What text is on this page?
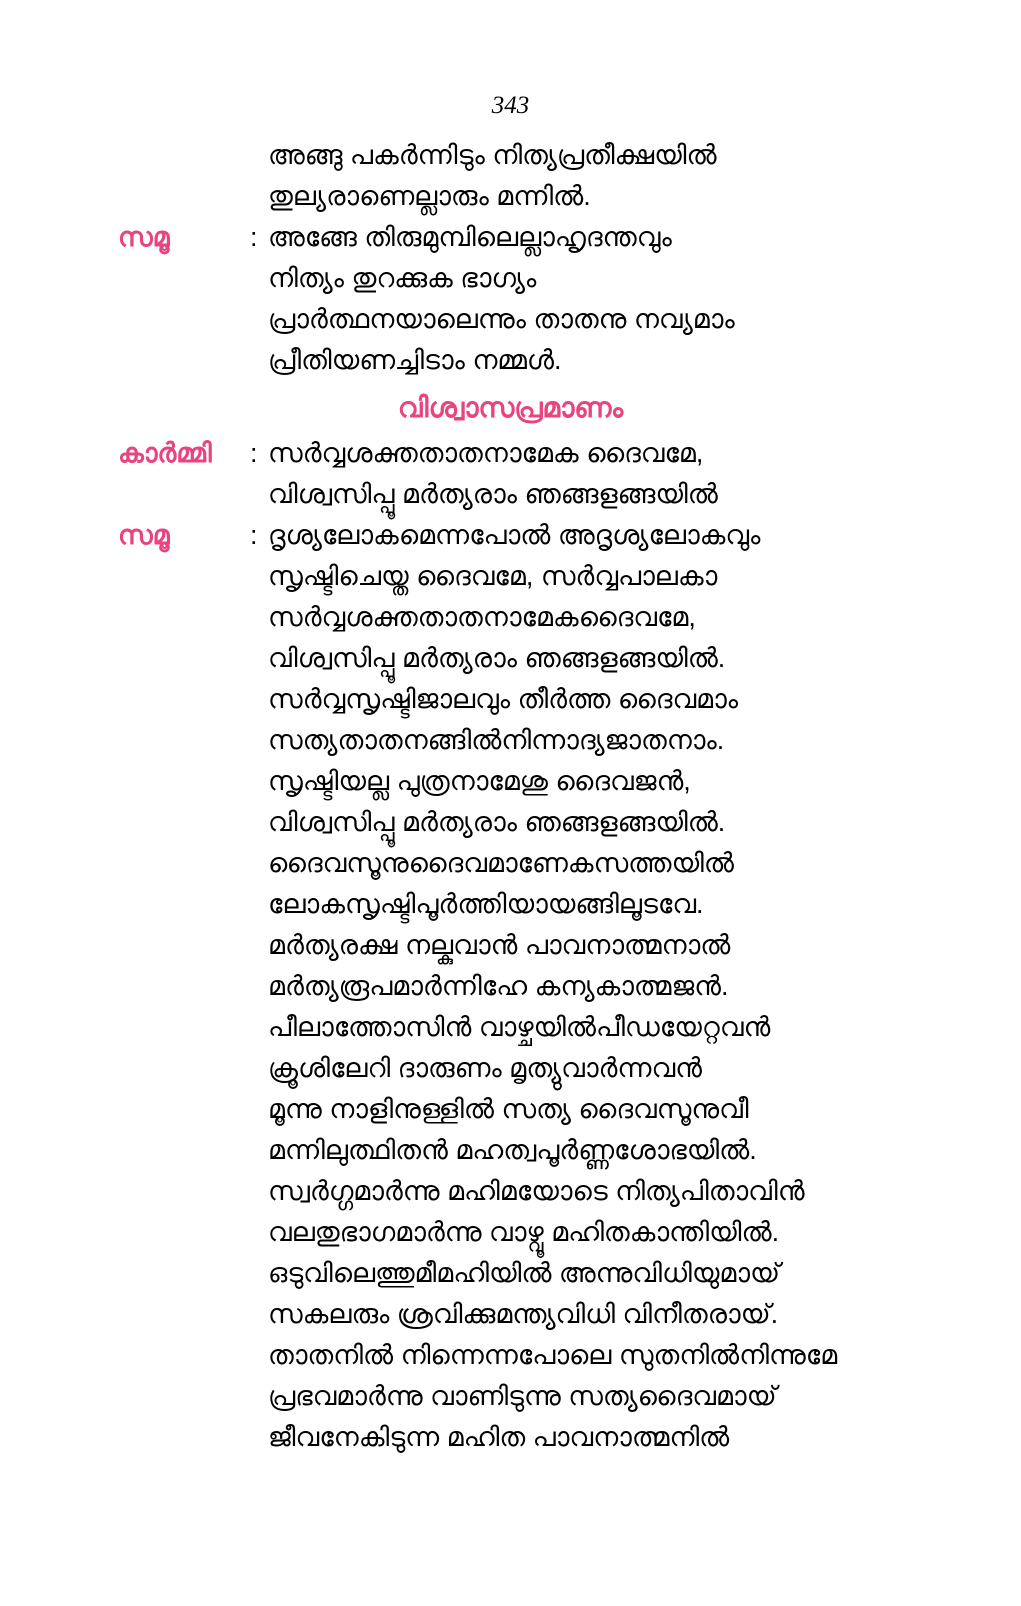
343
അങ്ങു പകർന്നിടും നിത്യപ്രതീക്ഷയിൽ
തുല്യരാണെല്ലാരും മന്നിൽ.
സമൂ	: അങ്ങേ തിരുമുമ്പിലെല്ലാഹൃദന്തവും
നിത്യം തുറക്കുക ഭാഗ്യം
പ്രാർത്ഥനയാലെന്നും താതനു നവ്യമാം
പ്രീതിയണച്ചിടാം നമ്മൾ.
വിശ്വാസപ്രമാണം
കാർമ്മി	: സർവ്വശക്തതാതനാമേക ദൈവമേ,
വിശ്വസിപ്പൂ മർത്യരാം ഞങ്ങളങ്ങയിൽ
സമൂ	: ദൃശ്യലോകമെന്നപോൽ അദൃശ്യലോകവും
സൃഷ്ടിചെയ്ത ദൈവമേ, സർവ്വപാലകാ
സർവ്വശക്തതാതനാമേകദൈവമേ,
വിശ്വസിപ്പൂ മർത്യരാം ഞങ്ങളങ്ങയിൽ.
സർവ്വസൃഷ്ടിജാലവും തീർത്ത ദൈവമാം
സത്യതാതനങ്ങിൽനിന്നാദ്യജാതനാം.
സൃഷ്ടിയല്ല പുത്രനാമേശു ദൈവജൻ,
വിശ്വസിപ്പൂ മർത്യരാം ഞങ്ങളങ്ങയിൽ.
ദൈവസൂനുദൈവമാണേകസത്തയിൽ
ലോകസൃഷ്ടിപൂർത്തിയായങ്ങിലൂടവേ.
മർത്യരക്ഷ നല്കുവാൻ പാവനാത്മനാൽ
മർത്യരൂപമാർന്നിഹേ കന്യകാത്മജൻ.
പീലാത്തോസിൻ വാഴ്ചയിൽപീഡയേറ്റവൻ
ക്രൂശിലേറി ദാരുണം മൃത്യുവാർന്നവൻ
മൂന്നു നാളിനുള്ളിൽ സത്യ ദൈവസൂനുവീ
മന്നിലുത്ഥിതൻ മഹത്വപൂർണ്ണശോഭയിൽ.
സ്വർഗ്ഗമാർന്നു മഹിമയോടെ നിത്യപിതാവിൻ
വലതുഭാഗമാർന്നു വാഴ്വൂ മഹിതകാന്തിയിൽ.
ഒടുവിലെത്തുമീമഹിയിൽ അന്നുവിധിയുമായ്
സകലരും ശ്രവിക്കുമന്ത്യവിധി വിനീതരായ്.
താതനിൽ നിന്നെന്നപോലെ സുതനിൽനിന്നുമേ
പ്രഭവമാർന്നു വാണിടുന്നു സത്യദൈവമായ്
ജീവനേകിടുന്ന മഹിത പാവനാത്മനിൽ
